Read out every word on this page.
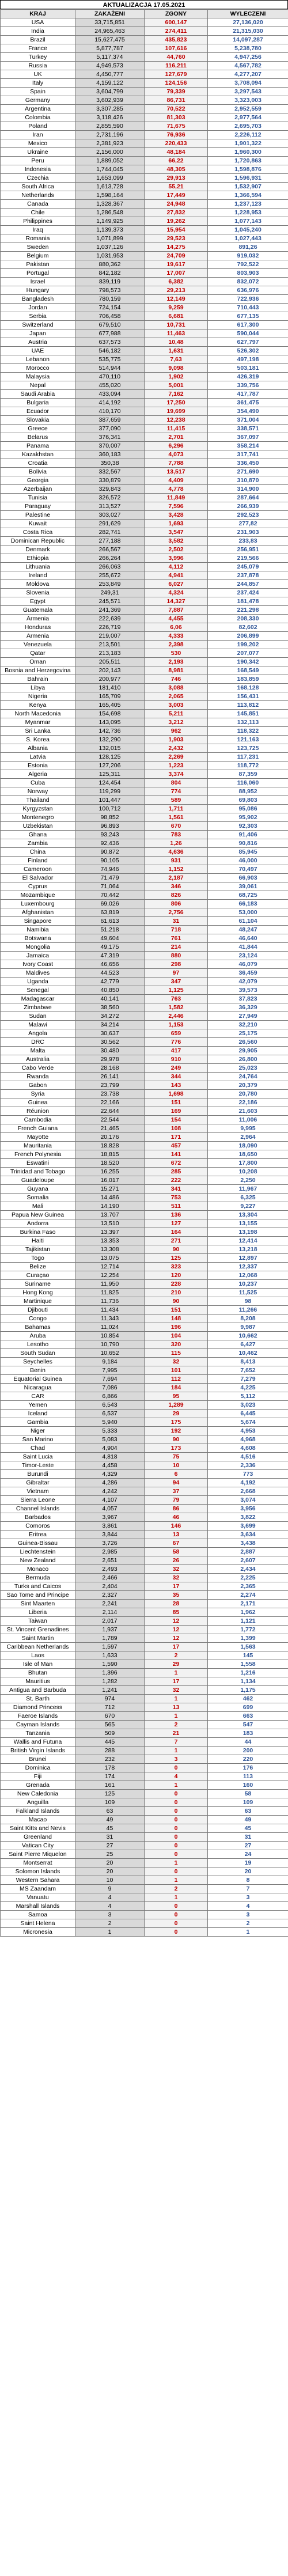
AKTUALIZACJA 17.05.2021
KRAJ	ZAKAŻENI	ZGONY	WYLECZENI
USA	33,715,851	600,147	27,136,020
India	24,965,463	274,411	21,315,030
Brazil	15,627,475	435,823	14,097,287
France	5,877,787	107,616	5,238,780
Turkey	5,117,374	44,760	4,947,256
Russia	4,949,573	116,211	4,567,782
UK	4,450,777	127,679	4,277,207
Italy	4,159,122	124,156	3,708,094
Spain	3,604,799	79,339	3,297,543
Germany	3,602,939	86,731	3,323,003
Argentina	3,307,285	70,522	2,952,559
Colombia	3,118,426	81,303	2,977,564
Poland	2,855,590	71,675	2,695,703
Iran	2,731,196	76,936	2,226,112
Mexico	2,381,923	220,433	1,901,322
Ukraine	2,156,000	48,184	1,960,300
Peru	1,889,052	66,22	1,720,863
Indonesia	1,744,045	48,305	1,598,876
Czechia	1,653,099	29,913	1,596,931
South Africa	1,613,728	55,21	1,532,907
Netherlands	1,598,164	17,449	1,366,594
Canada	1,328,367	24,948	1,237,123
Chile	1,286,548	27,832	1,228,953
Philippines	1,149,925	19,262	1,077,143
Iraq	1,139,373	15,954	1,045,240
Romania	1,071,899	29,523	1,027,443
Sweden	1,037,126	14,275	891,26
Belgium	1,031,953	24,709	919,032
Pakistan	880,362	19,617	792,522
Portugal	842,182	17,007	803,903
Israel	839,119	6,382	832,072
Hungary	798,573	29,213	636,976
Bangladesh	780,159	12,149	722,936
Jordan	724,154	9,259	710,443
Serbia	706,458	6,681	677,135
Switzerland	679,510	10,731	617,300
Japan	677,988	11,463	590,044
Austria	637,573	10,48	627,797
UAE	546,182	1,631	526,302
Lebanon	535,775	7,63	497,198
Morocco	514,944	9,098	503,181
Malaysia	470,110	1,902	426,319
Nepal	455,020	5,001	339,756
Saudi Arabia	433,094	7,162	417,787
Bulgaria	414,192	17,250	361,475
Ecuador	410,170	19,699	354,490
Slovakia	387,659	12,238	371,004
Greece	377,090	11,415	338,571
Belarus	376,341	2,701	367,097
Panama	370,007	6,296	358,214
Kazakhstan	360,183	4,073	317,741
Croatia	350,38	7,788	336,450
Bolivia	332,567	13,517	271,690
Georgia	330,879	4,409	310,870
Azerbaijan	329,843	4,778	314,900
Tunisia	326,572	11,849	287,664
Paraguay	313,527	7,596	266,939
Palestine	303,027	3,428	292,523
Kuwait	291,629	1,693	277,82
Costa Rica	282,741	3,547	231,903
Dominican Republic	277,188	3,582	233,83
Denmark	266,567	2,502	256,951
Ethiopia	266,264	3,996	219,566
Lithuania	266,063	4,112	245,079
Ireland	255,672	4,941	237,878
Moldova	253,849	6,027	244,857
Slovenia	249,31	4,324	237,424
Egypt	245,571	14,327	181,478
Guatemala	241,369	7,887	221,298
Armenia	222,639	4,455	208,330
Honduras	226,719	6,06	82,602
Armenia	219,007	4,333	206,899
Venezuela	213,501	2,398	199,202
Qatar	213,183	530	207,077
Oman	205,511	2,193	190,342
Bosnia and Herzegovina	202,143	8,981	168,549
Bahrain	200,977	746	183,859
Libya	181,410	3,088	168,128
Nigeria	165,709	2,065	156,431
Kenya	165,405	3,003	113,812
North Macedonia	154,698	5,211	145,851
Myanmar	143,095	3,212	132,113
Sri Lanka	142,736	962	118,322
S. Korea	132,290	1,903	121,163
Albania	132,015	2,432	123,725
Latvia	128,125	2,269	117,231
Estonia	127,206	1,223	118,772
Algeria	125,311	3,374	87,359
Cuba	124,454	804	116,060
Norway	119,299	774	88,952
Thailand	101,447	589	69,803
Kyrgyzstan	100,712	1,711	95,086
Montenegro	98,852	1,561	95,902
Uzbekistan	96,893	670	92,303
Ghana	93,243	783	91,406
Zambia	92,436	1,26	90,816
China	90,872	4,636	85,945
Finland	90,105	931	46,000
Cameroon	74,946	1,152	70,497
El Salvador	71,479	2,187	66,903
Cyprus	71,064	346	39,061
Mozambique	70,442	826	68,725
Luxembourg	69,026	806	66,183
Afghanistan	63,819	2,756	53,000
Singapore	61,613	31	61,104
Namibia	51,218	718	48,247
Botswana	49,604	761	46,640
Mongolia	49,175	214	41,844
Jamaica	47,319	880	23,124
Ivory Coast	46,656	298	46,079
Maldives	44,523	97	36,459
Uganda	42,779	347	42,079
Senegal	40,850	1,125	39,573
Madagascar	40,141	763	37,823
Zimbabwe	38,560	1,582	36,329
Sudan	34,272	2,446	27,949
Malawi	34,214	1,153	32,210
Angola	30,637	659	25,175
DRC	30,562	776	26,560
Malta	30,480	417	29,905
Australia	29,978	910	26,800
Cabo Verde	28,168	249	25,023
Rwanda	26,141	344	24,764
Gabon	23,799	143	20,379
Syria	23,738	1,698	20,780
Guinea	22,166	151	22,186
Réunion	22,644	169	21,603
Cambodia	22,544	154	11,006
French Guiana	21,465	108	9,995
Mayotte	20,176	171	2,964
Mauritania	18,828	457	18,090
French Polynesia	18,815	141	18,650
Eswatini	18,520	672	17,800
Trinidad and Tobago	16,255	285	10,208
Guadeloupe	16,017	222	2,250
Guyana	15,271	341	11,967
Somalia	14,486	753	6,325
Mali	14,190	511	9,227
Papua New Guinea	13,707	136	13,304
Andorra	13,510	127	13,155
Burkina Faso	13,397	164	13,198
Haiti	13,353	271	12,414
Tajikistan	13,308	90	13,218
Togo	13,075	125	12,897
Belize	12,714	323	12,337
Curaçao	12,254	120	12,068
Suriname	11,950	228	10,237
Hong Kong	11,825	210	11,525
Martinique	11,736	90	98
Djibouti	11,434	151	11,266
Congo	11,343	148	8,208
Bahamas	11,024	196	9,987
Aruba	10,854	104	10,662
Lesotho	10,790	320	6,427
South Sudan	10,652	115	10,462
Seychelles	9,184	32	8,413
Benin	7,995	101	7,652
Equatorial Guinea	7,694	112	7,279
Nicaragua	7,086	184	4,225
CAR	6,866	95	5,112
Yemen	6,543	1,289	3,023
Iceland	6,537	29	6,445
Gambia	5,940	175	5,674
Niger	5,333	192	4,953
San Marino	5,083	90	4,968
Chad	4,904	173	4,608
Saint Lucia	4,818	75	4,516
Timor-Leste	4,458	10	2,336
Burundi	4,329	6	773
Gibraltar	4,286	94	4,192
Vietnam	4,242	37	2,668
Sierra Leone	4,107	79	3,074
Channel Islands	4,057	86	3,956
Barbados	3,967	46	3,822
Comoros	3,861	146	3,699
Eritrea	3,844	13	3,634
Guinea-Bissau	3,726	67	3,438
Liechtenstein	2,985	58	2,887
New Zealand	2,651	26	2,607
Monaco	2,493	32	2,434
Bermuda	2,466	32	2,225
Turks and Caicos	2,404	17	2,365
Sao Tome and Principe	2,327	35	2,274
Sint Maarten	2,241	28	2,171
Liberia	2,114	85	1,962
Taiwan	2,017	12	1,121
St. Vincent Grenadines	1,937	12	1,772
Saint Martin	1,789	12	1,399
Caribbean Netherlands	1,597	17	1,563
Laos	1,633	2	145
Isle of Man	1,590	29	1,558
Bhutan	1,396	1	1,216
Mauritius	1,282	17	1,134
Antigua and Barbuda	1,241	32	1,175
St. Barth	974	1	462
Diamond Princess	712	13	699
Faeroe Islands	670	1	663
Cayman Islands	565	2	547
Tanzania	509	21	183
Wallis and Futuna	445	7	44
British Virgin Islands	288	1	200
Brunei	232	3	220
Dominica	178	0	176
Fiji	174	4	113
Grenada	161	1	160
New Caledonia	125	0	58
Anguilla	109	0	109
Falkland Islands	63	0	63
Macao	49	0	49
Saint Kitts and Nevis	45	0	45
Greenland	31	0	31
Vatican City	27	0	27
Saint Pierre Miquelon	25	0	24
Montserrat	20	1	19
Solomon Islands	20	0	20
Western Sahara	10	1	8
MS Zaandam	9	2	7
Vanuatu	4	1	3
Marshall Islands	4	0	4
Samoa	3	0	3
Saint Helena	2	0	2
Micronesia	1	0	1
